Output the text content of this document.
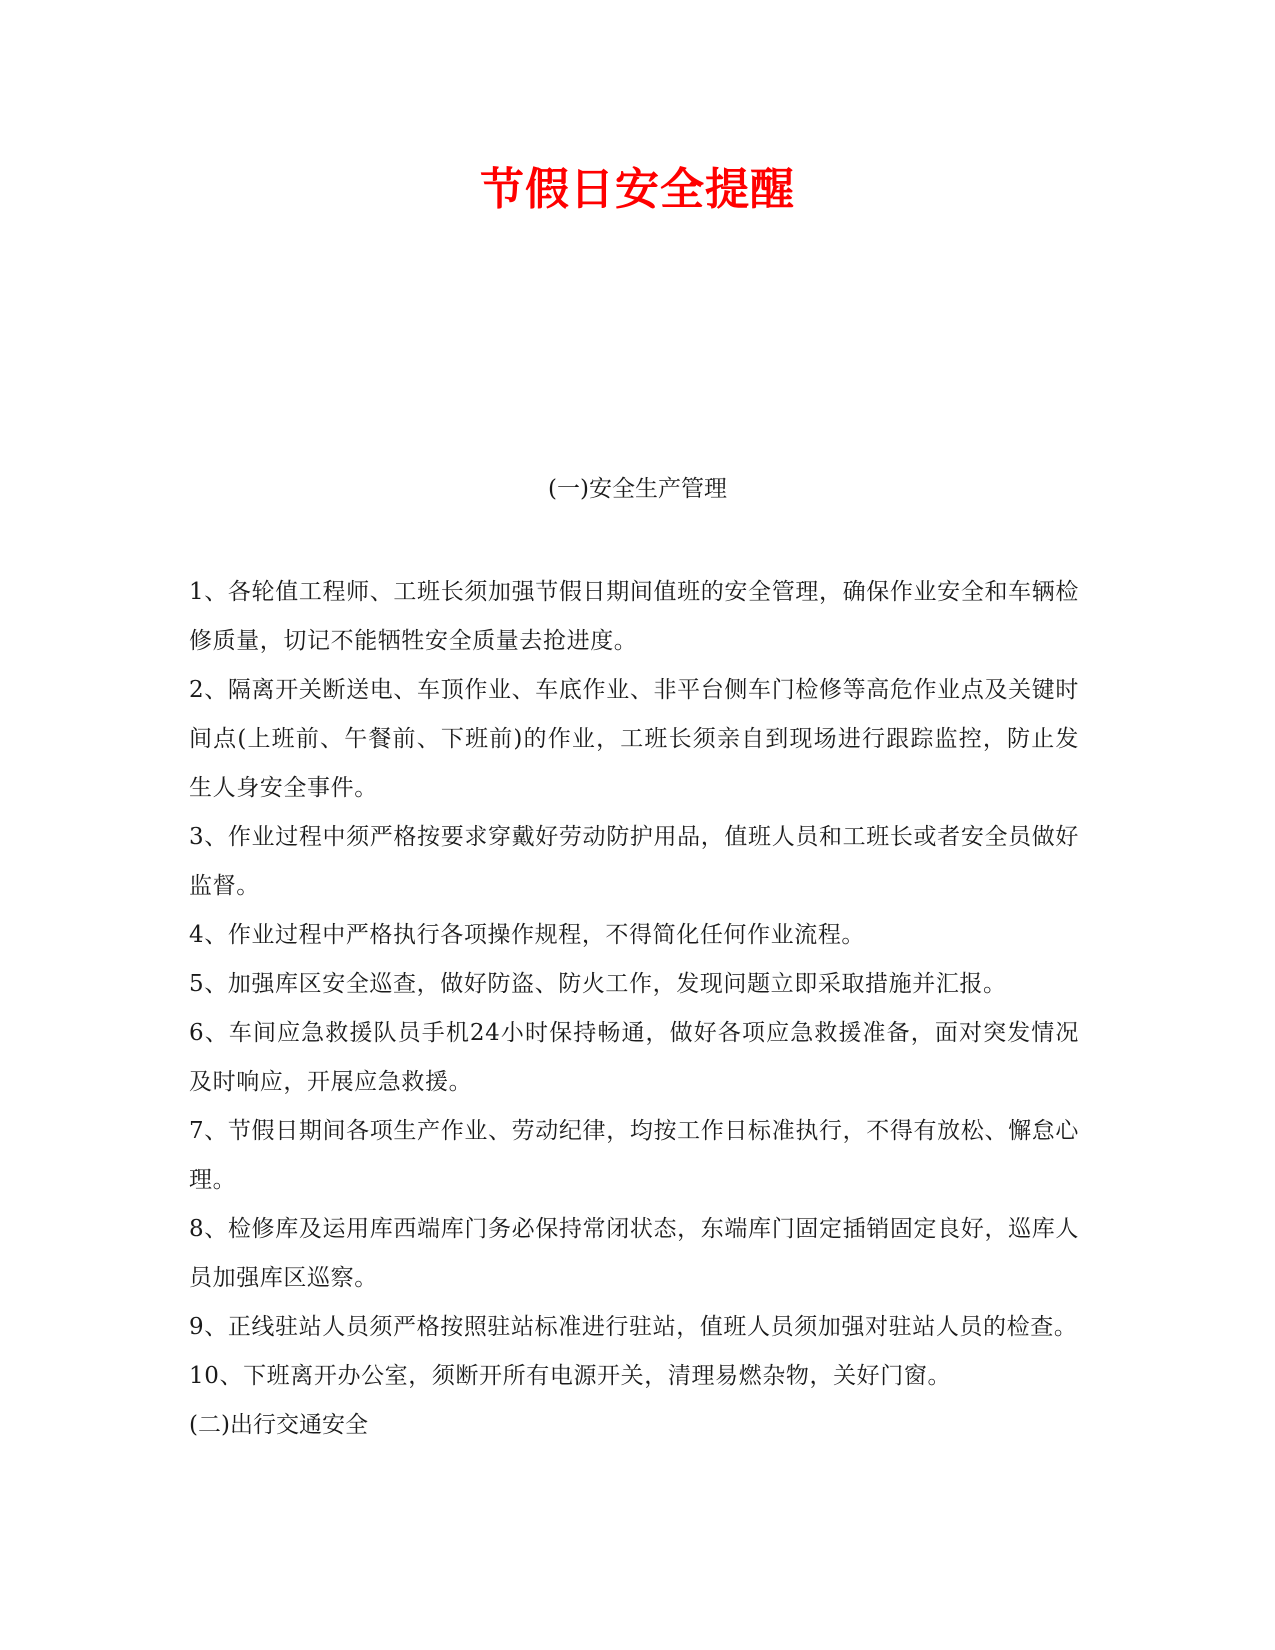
节假日安全提醒

(一)安全生产管理

1、各轮值工程师、工班长须加强节假日期间值班的安全管理，确保作业安全和车辆检修质量，切记不能牺牲安全质量去抢进度。

2、隔离开关断送电、车顶作业、车底作业、非平台侧车门检修等高危作业点及关键时间点(上班前、午餐前、下班前)的作业，工班长须亲自到现场进行跟踪监控，防止发生人身安全事件。

3、作业过程中须严格按要求穿戴好劳动防护用品，值班人员和工班长或者安全员做好监督。

4、作业过程中严格执行各项操作规程，不得简化任何作业流程。

5、加强库区安全巡查，做好防盗、防火工作，发现问题立即采取措施并汇报。

6、车间应急救援队员手机24小时保持畅通，做好各项应急救援准备，面对突发情况及时响应，开展应急救援。

7、节假日期间各项生产作业、劳动纪律，均按工作日标准执行，不得有放松、懈怠心理。

8、检修库及运用库西端库门务必保持常闭状态，东端库门固定插销固定良好，巡库人员加强库区巡察。

9、正线驻站人员须严格按照驻站标准进行驻站，值班人员须加强对驻站人员的检查。

10、下班离开办公室，须断开所有电源开关，清理易燃杂物，关好门窗。

(二)出行交通安全
